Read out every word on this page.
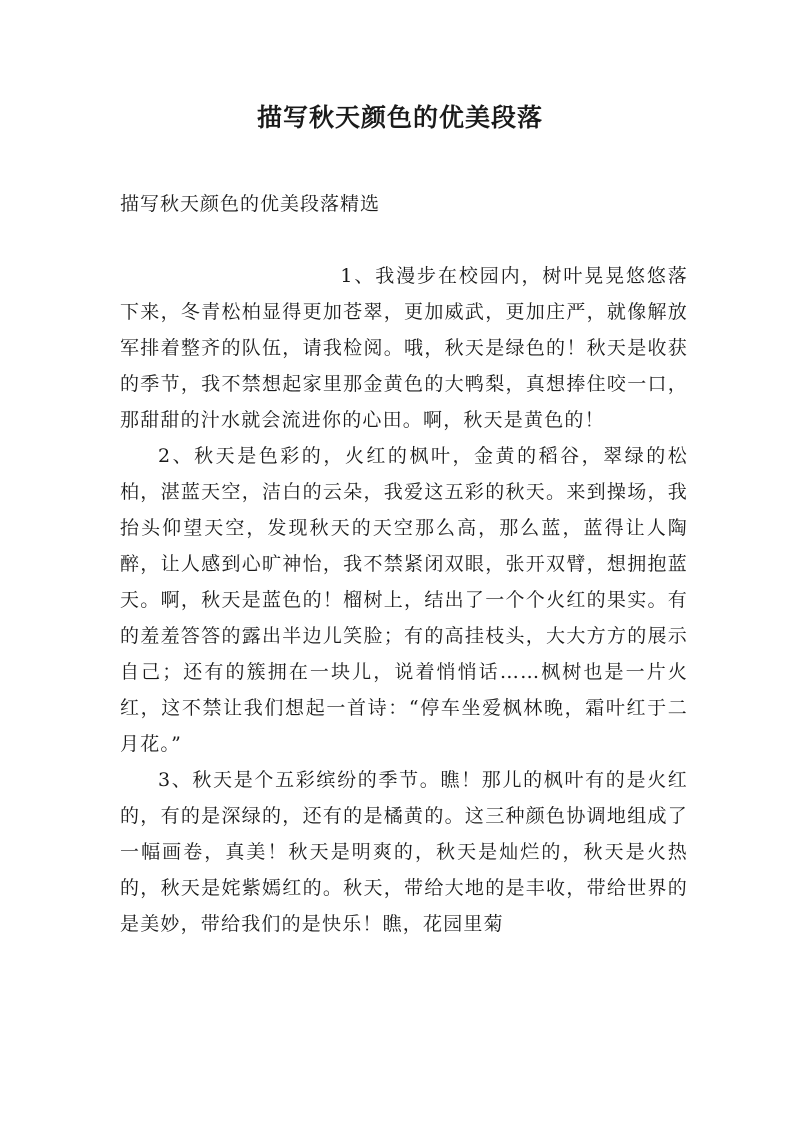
描写秋天颜色的优美段落
描写秋天颜色的优美段落精选

1、我漫步在校园内，树叶晃晃悠悠落下来，冬青松柏显得更加苍翠，更加威武，更加庄严，就像解放军排着整齐的队伍，请我检阅。哦，秋天是绿色的！秋天是收获的季节，我不禁想起家里那金黄色的大鸭梨，真想捧住咬一口，那甜甜的汁水就会流进你的心田。啊，秋天是黄色的！

2、秋天是色彩的，火红的枫叶，金黄的稻谷，翠绿的松柏，湛蓝天空，洁白的云朵，我爱这五彩的秋天。来到操场，我抬头仰望天空，发现秋天的天空那么高，那么蓝，蓝得让人陶醉，让人感到心旷神怡，我不禁紧闭双眼，张开双臂，想拥抱蓝天。啊，秋天是蓝色的！榴树上，结出了一个个火红的果实。有的羞羞答答的露出半边儿笑脸；有的高挂枝头，大大方方的展示自己；还有的簇拥在一块儿，说着悄悄话……枫树也是一片火红，这不禁让我们想起一首诗：“停车坐爱枫林晚，霜叶红于二月花。”

3、秋天是个五彩缤纷的季节。瞧！那儿的枫叶有的是火红的，有的是深绿的，还有的是橘黄的。这三种颜色协调地组成了一幅画卷，真美！秋天是明爽的，秋天是灿烂的，秋天是火热的，秋天是姹紫嫣红的。秋天，带给大地的是丰收，带给世界的是美妙，带给我们的是快乐！瞧，花园里菊
